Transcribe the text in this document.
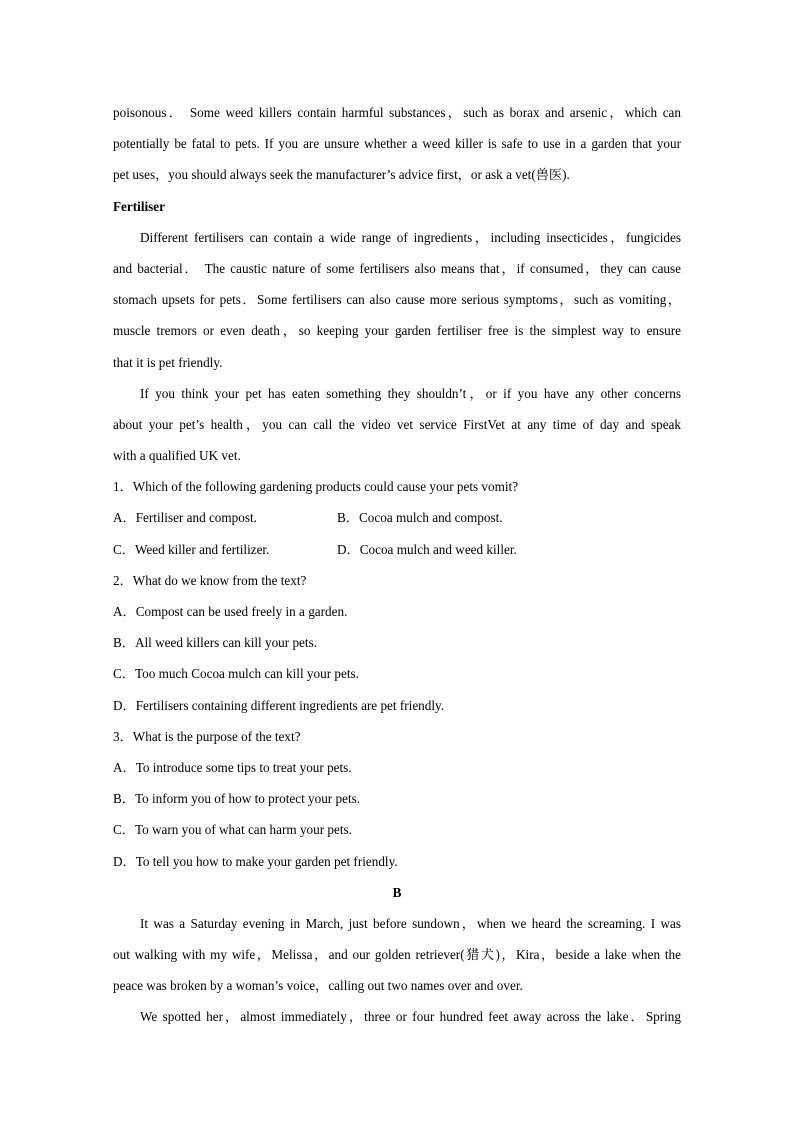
poisonous． Some weed killers contain harmful substances，such as borax and arsenic，which can
potentially be fatal to pets. If you are unsure whether a weed killer is safe to use in a garden that your
pet uses，you should always seek the manufacturer’s advice first，or ask a vet(兽医).
Fertiliser
Different fertilisers can contain a wide range of ingredients，including insecticides，fungicides
and bacterial． The caustic nature of some fertilisers also means that，if consumed，they can cause
stomach upsets for pets．Some fertilisers can also cause more serious symptoms，such as vomiting，
muscle tremors or even death，so keeping your garden fertiliser free is the simplest way to ensure
that it is pet friendly.
If you think your pet has eaten something they shouldn’t，or if you have any other concerns
about your pet’s health，you can call the video vet service FirstVet at any time of day and speak
with a qualified UK vet.
1．Which of the following gardening products could cause your pets vomit?
A．Fertiliser and compost.	B．Cocoa mulch and compost.
C．Weed killer and fertilizer.	D．Cocoa mulch and weed killer.
2．What do we know from the text?
A．Compost can be used freely in a garden.
B．All weed killers can kill your pets.
C．Too much Cocoa mulch can kill your pets.
D．Fertilisers containing different ingredients are pet friendly.
3．What is the purpose of the text?
A．To introduce some tips to treat your pets.
B．To inform you of how to protect your pets.
C．To warn you of what can harm your pets.
D．To tell you how to make your garden pet friendly.
B
It was a Saturday evening in March, just before sundown，when we heard the screaming. I was
out walking with my wife，Melissa，and our golden retriever(猎犬)，Kira，beside a lake when the
peace was broken by a woman’s voice，calling out two names over and over.
We spotted her，almost immediately，three or four hundred feet away across the lake．Spring
